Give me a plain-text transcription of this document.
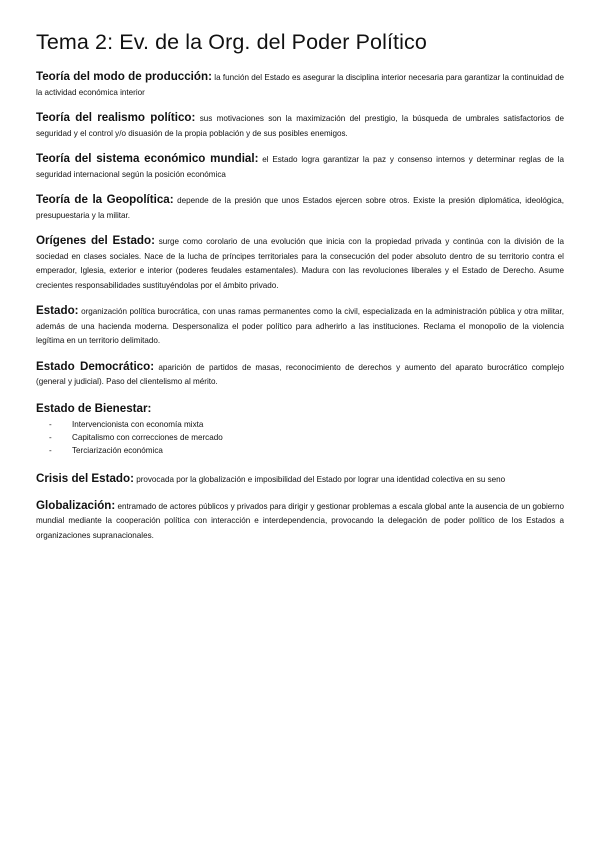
Tema 2: Ev. de la Org. del Poder Político

Teoría del modo de producción: la función del Estado es asegurar la disciplina interior necesaria para garantizar la continuidad de la actividad económica interior

Teoría del realismo político: sus motivaciones son la maximización del prestigio, la búsqueda de umbrales satisfactorios de seguridad y el control y/o disuasión de la propia población y de sus posibles enemigos.

Teoría del sistema económico mundial: el Estado logra garantizar la paz y consenso internos y determinar reglas de la seguridad internacional según la posición económica

Teoría de la Geopolítica: depende de la presión que unos Estados ejercen sobre otros. Existe la presión diplomática, ideológica, presupuestaria y la militar.

Orígenes del Estado: surge como corolario de una evolución que inicia con la propiedad privada y continúa con la división de la sociedad en clases sociales. Nace de la lucha de príncipes territoriales para la consecución del poder absoluto dentro de su territorio contra el emperador, Iglesia, exterior e interior (poderes feudales estamentales). Madura con las revoluciones liberales y el Estado de Derecho. Asume crecientes responsabilidades sustituyéndolas por el ámbito privado.

Estado: organización política burocrática, con unas ramas permanentes como la civil, especializada en la administración pública y otra militar, además de una hacienda moderna. Despersonaliza el poder político para adherirlo a las instituciones. Reclama el monopolio de la violencia legítima en un territorio delimitado.

Estado Democrático: aparición de partidos de masas, reconocimiento de derechos y aumento del aparato burocrático complejo (general y judicial). Paso del clientelismo al mérito.

Estado de Bienestar:
-	Intervencionista con economía mixta
-	Capitalismo con correcciones de mercado
-	Terciarización económica

Crisis del Estado: provocada por la globalización e imposibilidad del Estado por lograr una identidad colectiva en su seno

Globalización: entramado de actores públicos y privados para dirigir y gestionar problemas a escala global ante la ausencia de un gobierno mundial mediante la cooperación política con interacción e interdependencia, provocando la delegación de poder político de los Estados a organizaciones supranacionales.
